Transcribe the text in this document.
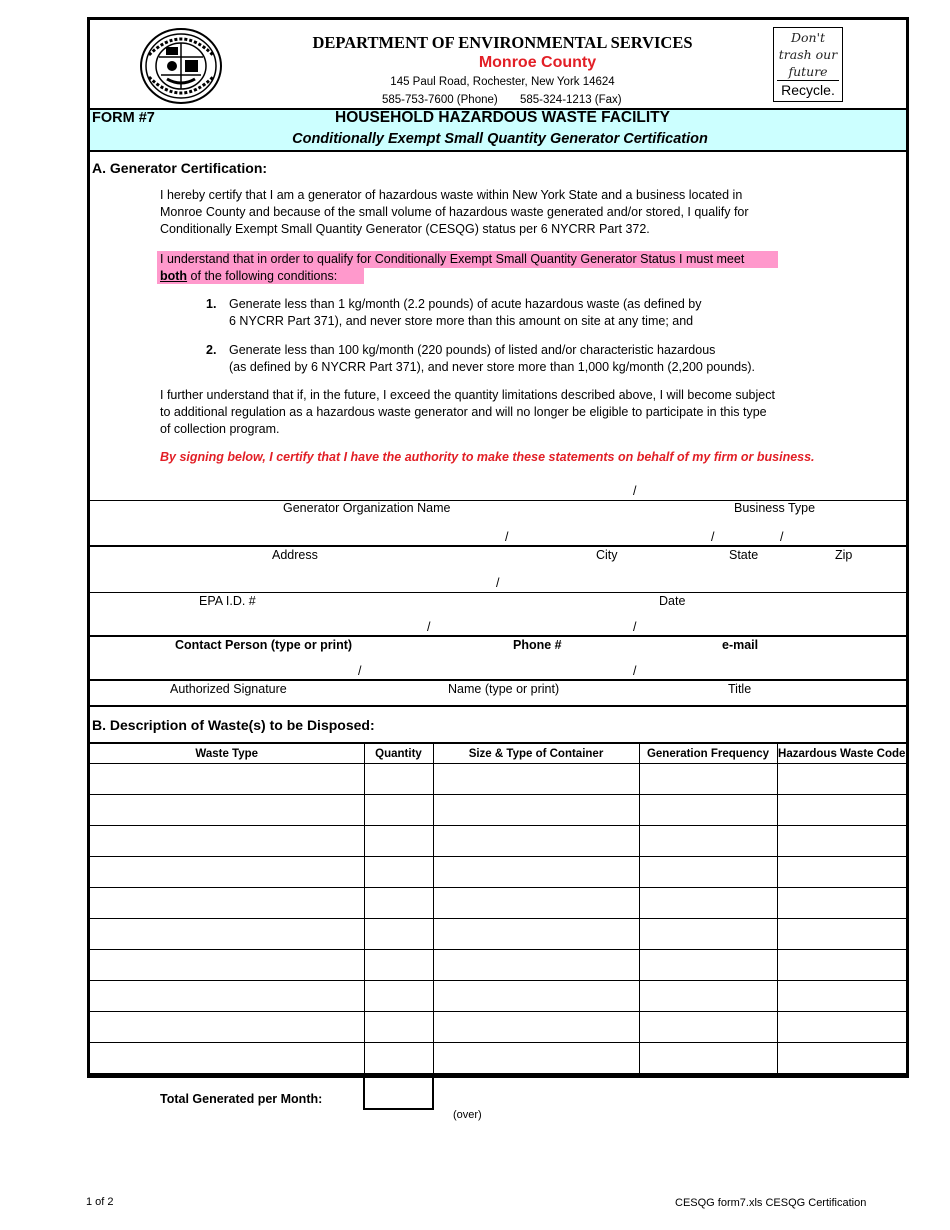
DEPARTMENT OF ENVIRONMENTAL SERVICES
Monroe County
145 Paul Road, Rochester, New York 14624
585-753-7600 (Phone) 585-324-1213 (Fax)
Don't
trash our
future
Recycle.
FORM #7	HOUSEHOLD HAZARDOUS WASTE FACILITY
Conditionally Exempt Small Quantity Generator Certification
A. Generator Certification:
I hereby certify that I am a generator of hazardous waste within New York State and a business located in Monroe County and because of the small volume of hazardous waste generated and/or stored, I qualify for Conditionally Exempt Small Quantity Generator (CESQG) status per 6 NYCRR Part 372.
I understand that in order to qualify for Conditionally Exempt Small Quantity Generator Status I must meet
both of the following conditions:
1. Generate less than 1 kg/month (2.2 pounds) of acute hazardous waste (as defined by
6 NYCRR Part 371), and never store more than this amount on site at any time; and
2. Generate less than 100 kg/month (220 pounds) of listed and/or characteristic hazardous
(as defined by 6 NYCRR Part 371), and never store more than 1,000 kg/month (2,200 pounds).
I further understand that if, in the future, I exceed the quantity limitations described above, I will become subject to additional regulation as a hazardous waste generator and will no longer be eligible to participate in this type of collection program.
By signing below, I certify that I have the authority to make these statements on behalf of my firm or business.
/
Generator Organization Name	Business Type
/	/	/
Address	City	State	Zip
/
EPA I.D. #	Date
/	/
Contact Person (type or print)	Phone #	e-mail
/	/
Authorized Signature	Name (type or print)	Title
B. Description of Waste(s) to be Disposed:
Waste Type	Quantity	Size & Type of Container	Generation Frequency	Hazardous Waste Code

Total Generated per Month:
(over)
1 of 2	CESQG form7.xls CESQG Certification
